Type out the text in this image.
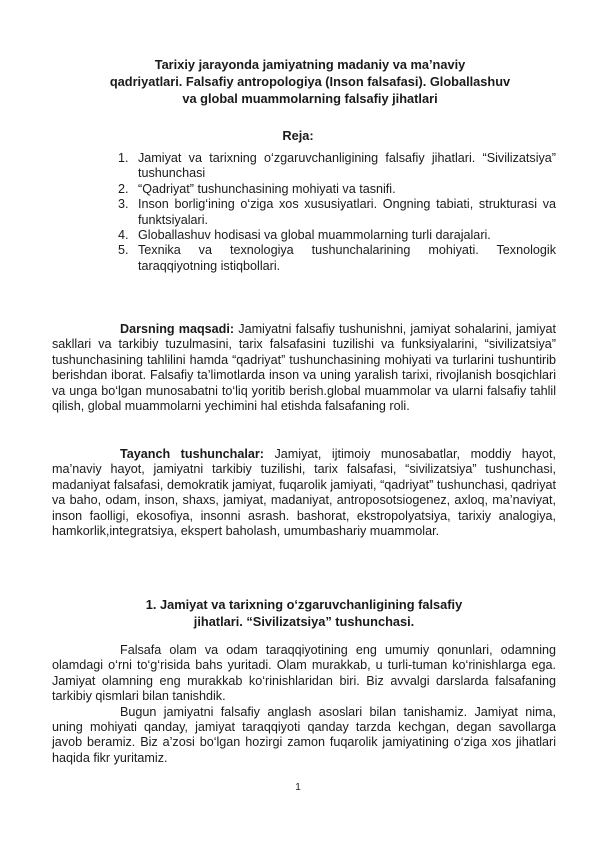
Tarixiy jarayonda jamiyatning madaniy va ma’naviy
qadriyatlari. Falsafiy antropologiya (Inson falsafasi). Globallashuv
va global muammolarning falsafiy jihatlari
Reja:
1. Jamiyat va tarixning o‘zgaruvchanligining falsafiy jihatlari. “Sivilizatsiya” tushunchasi
2. “Qadriyat” tushunchasining mohiyati va tasnifi.
3. Inson borlig‘ining o‘ziga xos xususiyatlari. Ongning tabiati, strukturasi va funktsiyalari.
4. Globallashuv hodisasi va global muammolarning turli darajalari.
5. Texnika va texnologiya tushunchalarining mohiyati. Texnologik taraqqiyotning istiqbollari.

Darsning maqsadi: Jamiyatni falsafiy tushunishni, jamiyat sohalarini, jamiyat sakllari va tarkibiy tuzulmasini, tarix falsafasini tuzilishi va funksiyalarini, “sivilizatsiya” tushunchasining tahlilini hamda “qadriyat” tushunchasining mohiyati va turlarini tushuntirib berishdan iborat. Falsafiy ta’limotlarda inson va uning yaralish tarixi, rivojlanish bosqichlari va unga bo‘lgan munosabatni to‘liq yoritib berish.global muammolar va ularni falsafiy tahlil qilish, global muammolarni yechimini hal etishda falsafaning roli.

Tayanch tushunchalar: Jamiyat, ijtimoiy munosabatlar, moddiy hayot, ma’naviy hayot, jamiyatni tarkibiy tuzilishi, tarix falsafasi, “sivilizatsiya” tushunchasi, madaniyat falsafasi, demokratik jamiyat, fuqarolik jamiyati, “qadriyat” tushunchasi, qadriyat va baho, odam, inson, shaxs, jamiyat, madaniyat, antroposotsiogenez, axloq, ma’naviyat, inson faolligi, ekosofiya, insonni asrash. bashorat, ekstropolyatsiya, tarixiy analogiya, hamkorlik,integratsiya, ekspert baholash, umumbashariy muammolar.

1. Jamiyat va tarixning o‘zgaruvchanligining falsafiy
jihatlari. “Sivilizatsiya” tushunchasi.

Falsafa olam va odam taraqqiyotining eng umumiy qonunlari, odamning olamdagi o‘rni to‘g‘risida bahs yuritadi. Olam murakkab, u turli-tuman ko‘rinishlarga ega. Jamiyat olamning eng murakkab ko‘rinishlaridan biri. Biz avvalgi darslarda falsafaning tarkibiy qismlari bilan tanishdik.

Bugun jamiyatni falsafiy anglash asoslari bilan tanishamiz. Jamiyat nima, uning mohiyati qanday, jamiyat taraqqiyoti qanday tarzda kechgan, degan savollarga javob beramiz. Biz a’zosi bo‘lgan hozirgi zamon fuqarolik jamiyatining o‘ziga xos jihatlari haqida fikr yuritamiz.

1
